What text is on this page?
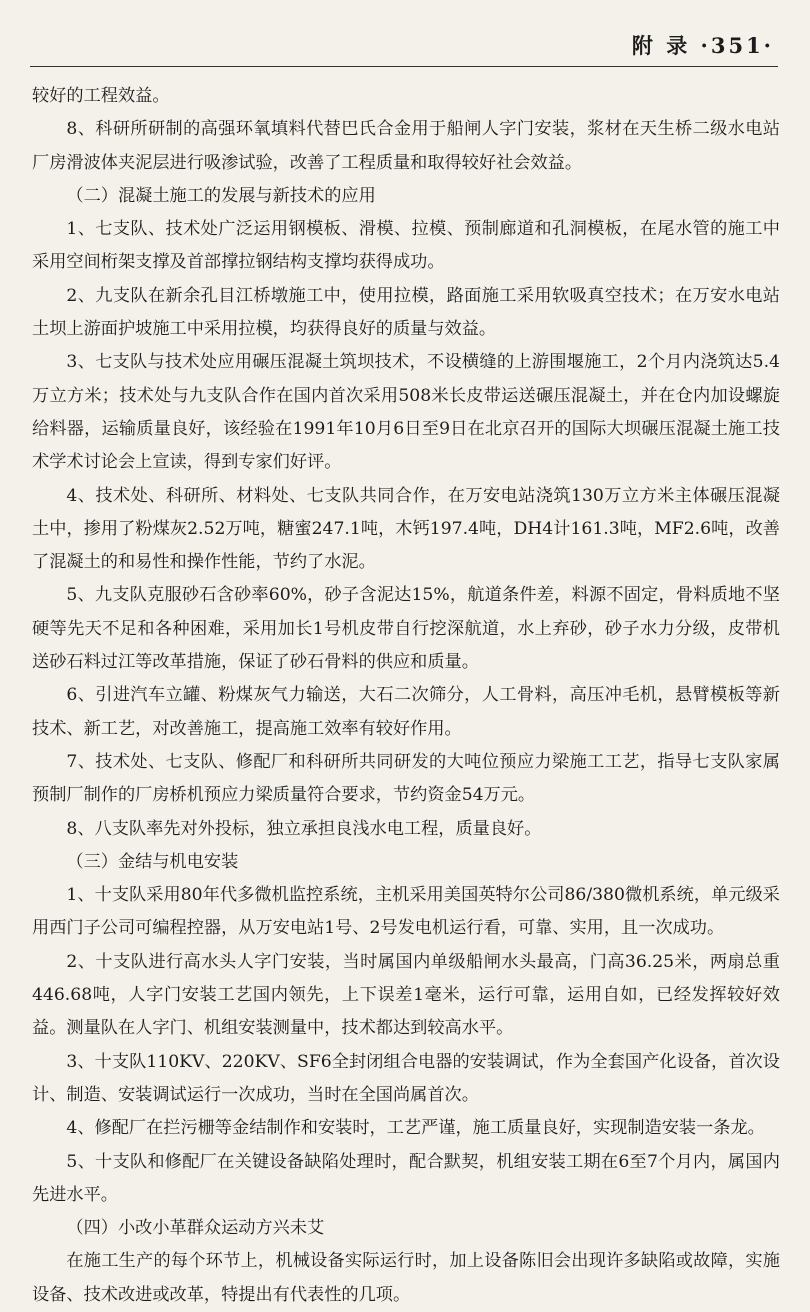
附 录 ·351·

较好的工程效益。

8、科研所研制的高强环氧填料代替巴氏合金用于船闸人字门安装，浆材在天生桥二级水电站厂房滑波体夹泥层进行吸渗试验，改善了工程质量和取得较好社会效益。

（二）混凝土施工的发展与新技术的应用

1、七支队、技术处广泛运用钢模板、滑模、拉模、预制廊道和孔洞模板，在尾水管的施工中采用空间桁架支撑及首部撑拉钢结构支撑均获得成功。

2、九支队在新余孔目江桥墩施工中，使用拉模，路面施工采用软吸真空技术；在万安水电站土坝上游面护坡施工中采用拉模，均获得良好的质量与效益。

3、七支队与技术处应用碾压混凝土筑坝技术，不设横缝的上游围堰施工，2个月内浇筑达5.4万立方米；技术处与九支队合作在国内首次采用508米长皮带运送碾压混凝土，并在仓内加设螺旋给料器，运输质量良好，该经验在1991年10月6日至9日在北京召开的国际大坝碾压混凝土施工技术学术讨论会上宣读，得到专家们好评。

4、技术处、科研所、材料处、七支队共同合作，在万安电站浇筑130万立方米主体碾压混凝土中，掺用了粉煤灰2.52万吨，糖蜜247.1吨，木钙197.4吨，DH4计161.3吨，MF2.6吨，改善了混凝土的和易性和操作性能，节约了水泥。

5、九支队克服砂石含砂率60%，砂子含泥达15%，航道条件差，料源不固定，骨料质地不坚硬等先天不足和各种困难，采用加长1号机皮带自行挖深航道，水上弃砂，砂子水力分级，皮带机送砂石料过江等改革措施，保证了砂石骨料的供应和质量。

6、引进汽车立罐、粉煤灰气力输送，大石二次筛分，人工骨料，高压冲毛机，悬臂模板等新技术、新工艺，对改善施工，提高施工效率有较好作用。

7、技术处、七支队、修配厂和科研所共同研发的大吨位预应力梁施工工艺，指导七支队家属预制厂制作的厂房桥机预应力梁质量符合要求，节约资金54万元。

8、八支队率先对外投标，独立承担良浅水电工程，质量良好。

（三）金结与机电安装

1、十支队采用80年代多微机监控系统，主机采用美国英特尔公司86/380微机系统，单元级采用西门子公司可编程控器，从万安电站1号、2号发电机运行看，可靠、实用，且一次成功。

2、十支队进行高水头人字门安装，当时属国内单级船闸水头最高，门高36.25米，两扇总重446.68吨，人字门安装工艺国内领先，上下误差1毫米，运行可靠，运用自如，已经发挥较好效益。测量队在人字门、机组安装测量中，技术都达到较高水平。

3、十支队110KV、220KV、SF6全封闭组合电器的安装调试，作为全套国产化设备，首次设计、制造、安装调试运行一次成功，当时在全国尚属首次。

4、修配厂在拦污栅等金结制作和安装时，工艺严谨，施工质量良好，实现制造安装一条龙。

5、十支队和修配厂在关键设备缺陷处理时，配合默契，机组安装工期在6至7个月内，属国内先进水平。

（四）小改小革群众运动方兴未艾

在施工生产的每个环节上，机械设备实际运行时，加上设备陈旧会出现许多缺陷或故障，实施设备、技术改进或改革，特提出有代表性的几项。
